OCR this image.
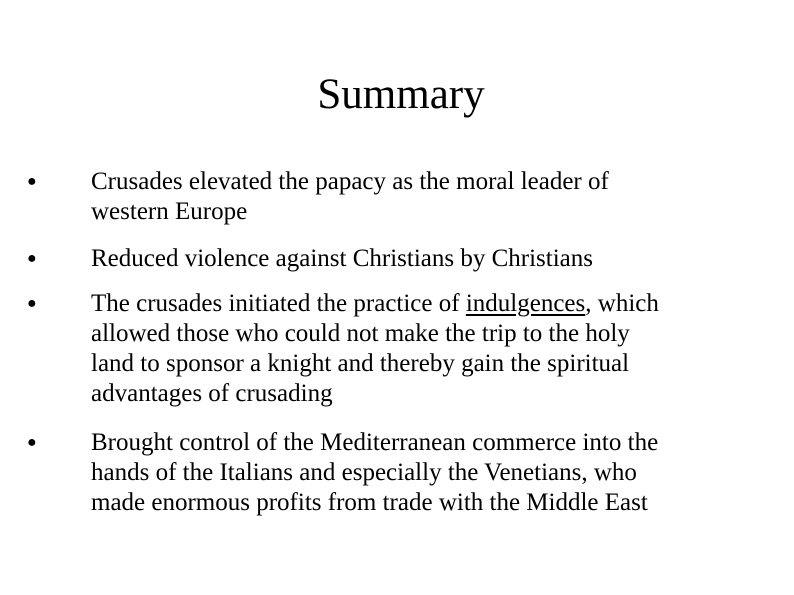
Summary
● Crusades elevated the papacy as the moral leader of
western Europe
● Reduced violence against Christians by Christians
● The crusades initiated the practice of indulgences, which
allowed those who could not make the trip to the holy
land to sponsor a knight and thereby gain the spiritual
advantages of crusading
● Brought control of the Mediterranean commerce into the
hands of the Italians and especially the Venetians, who
made enormous profits from trade with the Middle East
